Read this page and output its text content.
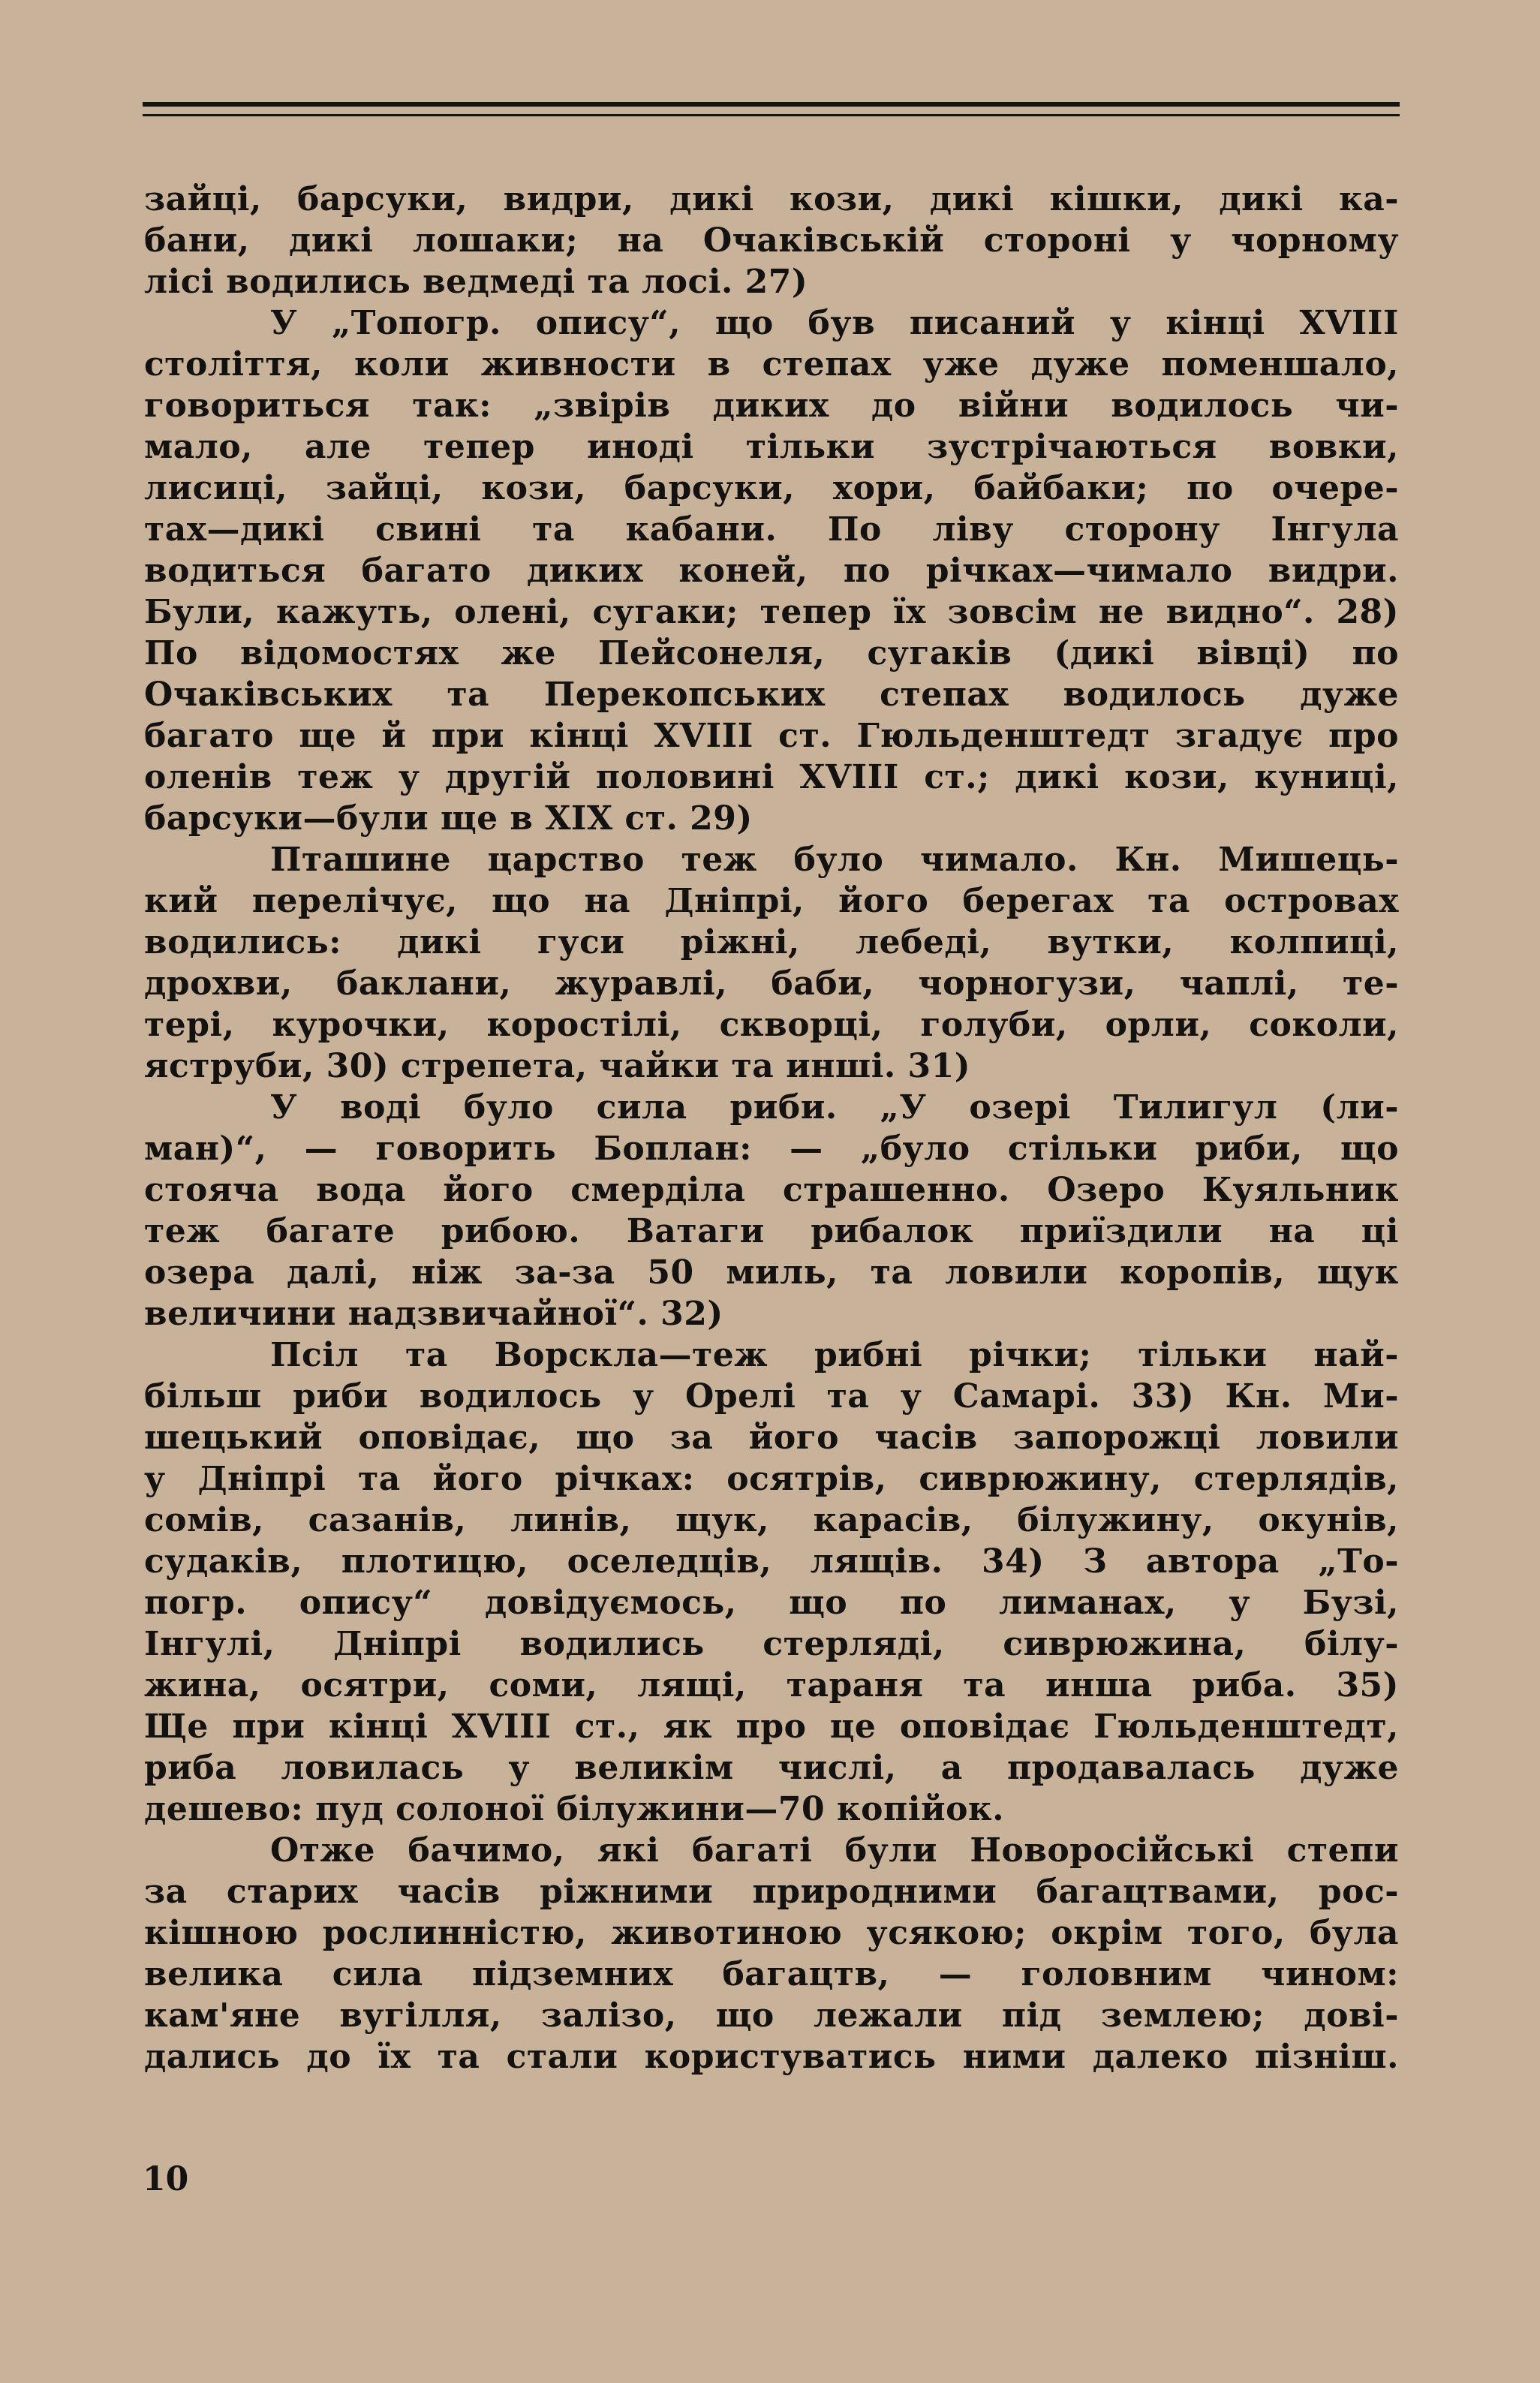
зайці, барсуки, видри, дикі кози, дикі кішки, дикі ка-
бани, дикі лошаки; на Очаківській стороні у чорному
лісі водились ведмеді та лосі. 27)
У „Топогр. опису“, що був писаний у кінці XVIII
століття, коли живности в степах уже дуже поменшало,
говориться так: „звірів диких до війни водилось чи-
мало, але тепер иноді тільки зустрічаються вовки,
лисиці, зайці, кози, барсуки, хори, байбаки; по очере-
тах—дикі свині та кабани. По ліву сторону Інгула
водиться багато диких коней, по річках—чимало видри.
Були, кажуть, олені, сугаки; тепер їх зовсім не видно“. 28)
По відомостях же Пейсонеля, сугаків (дикі вівці) по
Очаківських та Перекопських степах водилось дуже
багато ще й при кінці XVIII ст. Гюльденштедт згадує про
оленів теж у другій половині XVIII ст.; дикі кози, куниці,
барсуки—були ще в XIX ст. 29)
Пташине царство теж було чимало. Кн. Мишець-
кий перелічує, що на Дніпрі, його берегах та островах
водились: дикі гуси ріжні, лебеді, вутки, колпиці,
дрохви, баклани, журавлі, баби, чорногузи, чаплі, те-
тері, курочки, коростілі, скворці, голуби, орли, соколи,
яструби, 30) стрепета, чайки та инші. 31)
У воді було сила риби. „У озері Тилигул (ли-
ман)“, — говорить Боплан: — „було стільки риби, що
стояча вода його смерділа страшенно. Озеро Куяльник
теж багате рибою. Ватаги рибалок приїздили на ці
озера далі, ніж за-за 50 миль, та ловили коропів, щук
величини надзвичайної“. 32)
Псіл та Ворскла—теж рибні річки; тільки най-
більш риби водилось у Орелі та у Самарі. 33) Кн. Ми-
шецький оповідає, що за його часів запорожці ловили
у Дніпрі та його річках: осятрів, сиврюжину, стерлядів,
сомів, сазанів, линів, щук, карасів, білужину, окунів,
судаків, плотицю, оселедців, лящів. 34) З автора „То-
погр. опису“ довідуємось, що по лиманах, у Бузі,
Інгулі, Дніпрі водились стерляді, сиврюжина, білу-
жина, осятри, соми, лящі, тараня та инша риба. 35)
Ще при кінці XVIII ст., як про це оповідає Гюльденштедт,
риба ловилась у великім числі, а продавалась дуже
дешево: пуд солоної білужини—70 копійок.
Отже бачимо, які багаті були Новоросійські степи
за старих часів ріжними природними багацтвами, рос-
кішною рослинністю, животиною усякою; окрім того, була
велика сила підземних багацтв, — головним чином:
кам'яне вугілля, залізо, що лежали під землею; дові-
дались до їх та стали користуватись ними далеко пізніш.
10
